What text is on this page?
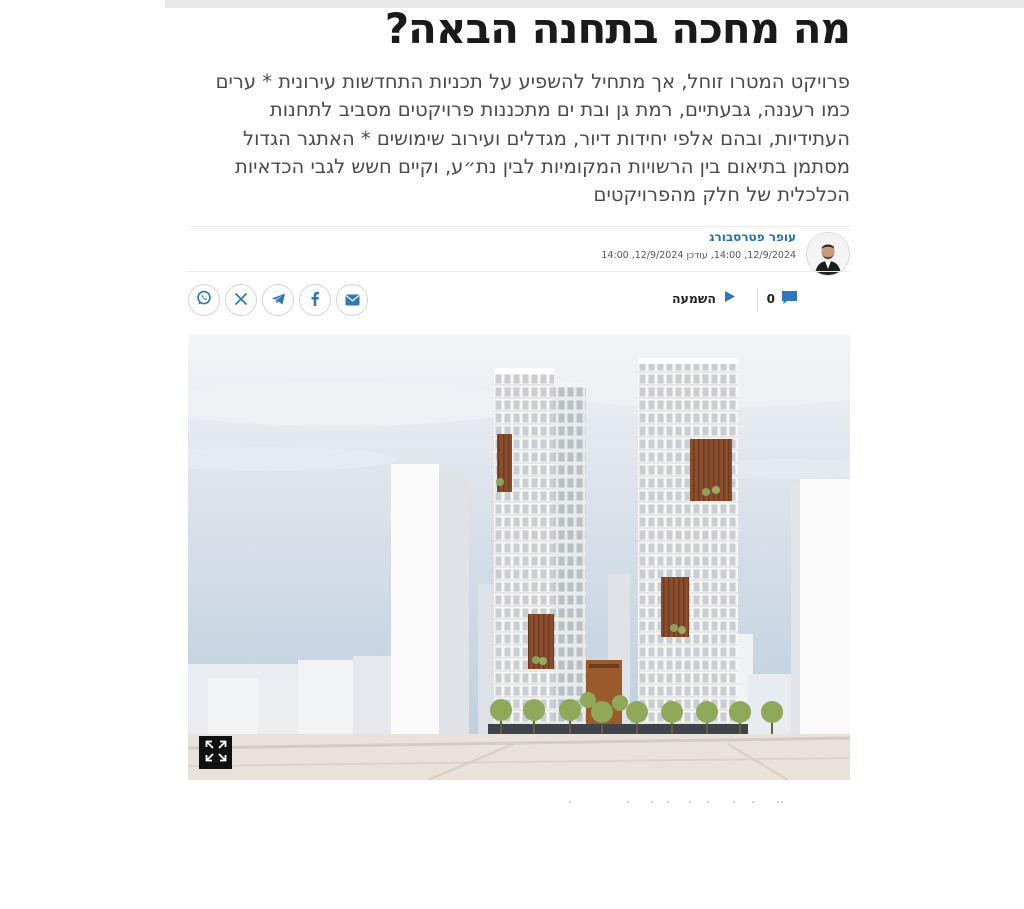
מה מחכה בתחנה הבאה?

פרויקט המטרו זוחל, אך מתחיל להשפיע על תכניות התחדשות עירונית * ערים כמו רעננה, גבעתיים, רמת גן ובת ים מתכננות פרויקטים מסביב לתחנות העתידיות, ובהם אלפי יחידות דיור, מגדלים ועירוב שימושים * האתגר הגדול מסתמן בתיאום בין הרשויות המקומיות לבין נת״ע, וקיים חשש לגבי הכדאיות הכלכלית של חלק מהפרויקטים

עופר פטרסבורג
12/9/2024, 14:00, עודכן 12/9/2024, 14:00
0
השמעה
